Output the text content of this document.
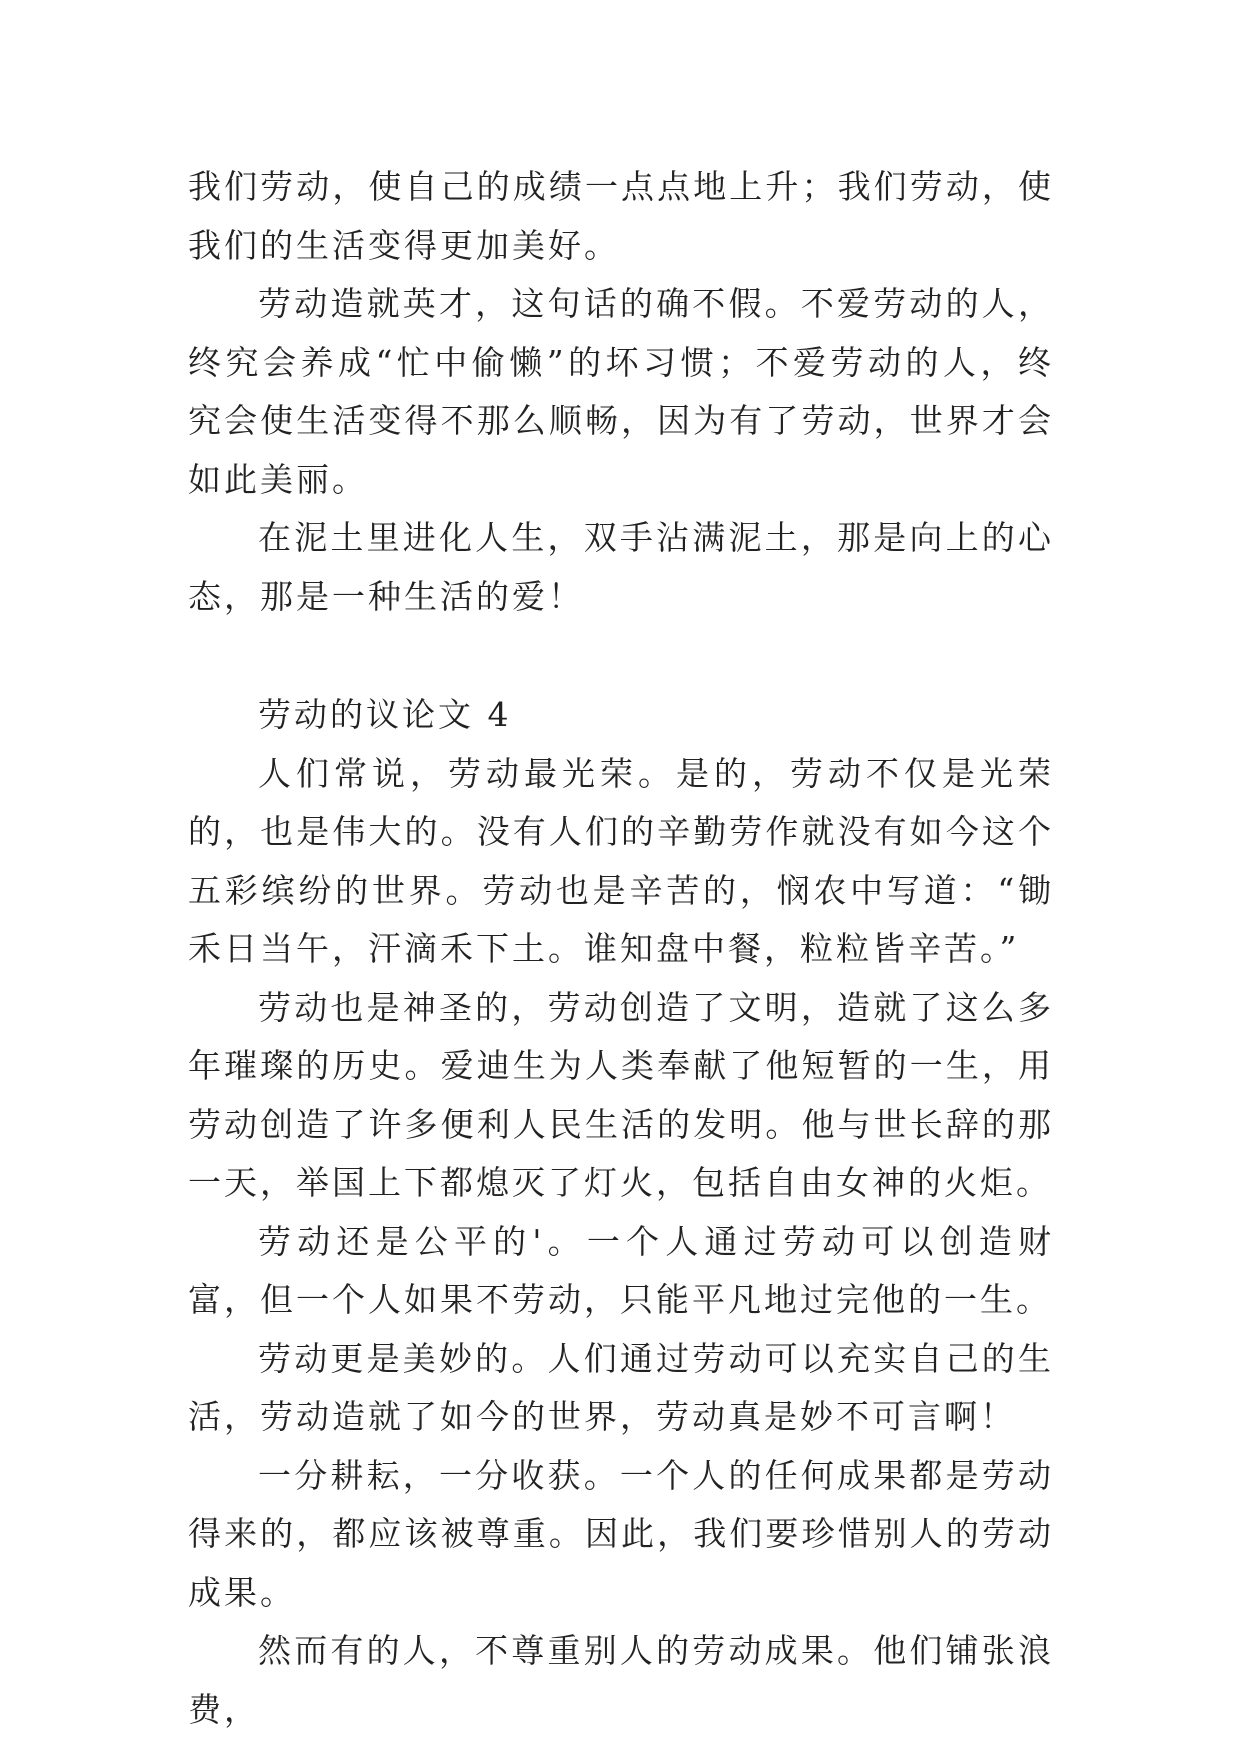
我们劳动，使自己的成绩一点点地上升；我们劳动，使我们的生活变得更加美好。

劳动造就英才，这句话的确不假。不爱劳动的人，终究会养成“忙中偷懒”的坏习惯；不爱劳动的人，终究会使生活变得不那么顺畅，因为有了劳动，世界才会如此美丽。

在泥土里进化人生，双手沾满泥土，那是向上的心态，那是一种生活的爱！

劳动的议论文 4

人们常说，劳动最光荣。是的，劳动不仅是光荣的，也是伟大的。没有人们的辛勤劳作就没有如今这个五彩缤纷的世界。劳动也是辛苦的，悯农中写道：“锄禾日当午，汗滴禾下土。谁知盘中餐，粒粒皆辛苦。”

劳动也是神圣的，劳动创造了文明，造就了这么多年璀璨的历史。爱迪生为人类奉献了他短暂的一生，用劳动创造了许多便利人民生活的发明。他与世长辞的那一天，举国上下都熄灭了灯火，包括自由女神的火炬。

劳动还是公平的'。一个人通过劳动可以创造财富，但一个人如果不劳动，只能平凡地过完他的一生。

劳动更是美妙的。人们通过劳动可以充实自己的生活，劳动造就了如今的世界，劳动真是妙不可言啊！

一分耕耘，一分收获。一个人的任何成果都是劳动得来的，都应该被尊重。因此，我们要珍惜别人的劳动成果。

然而有的人，不尊重别人的劳动成果。他们铺张浪费，
